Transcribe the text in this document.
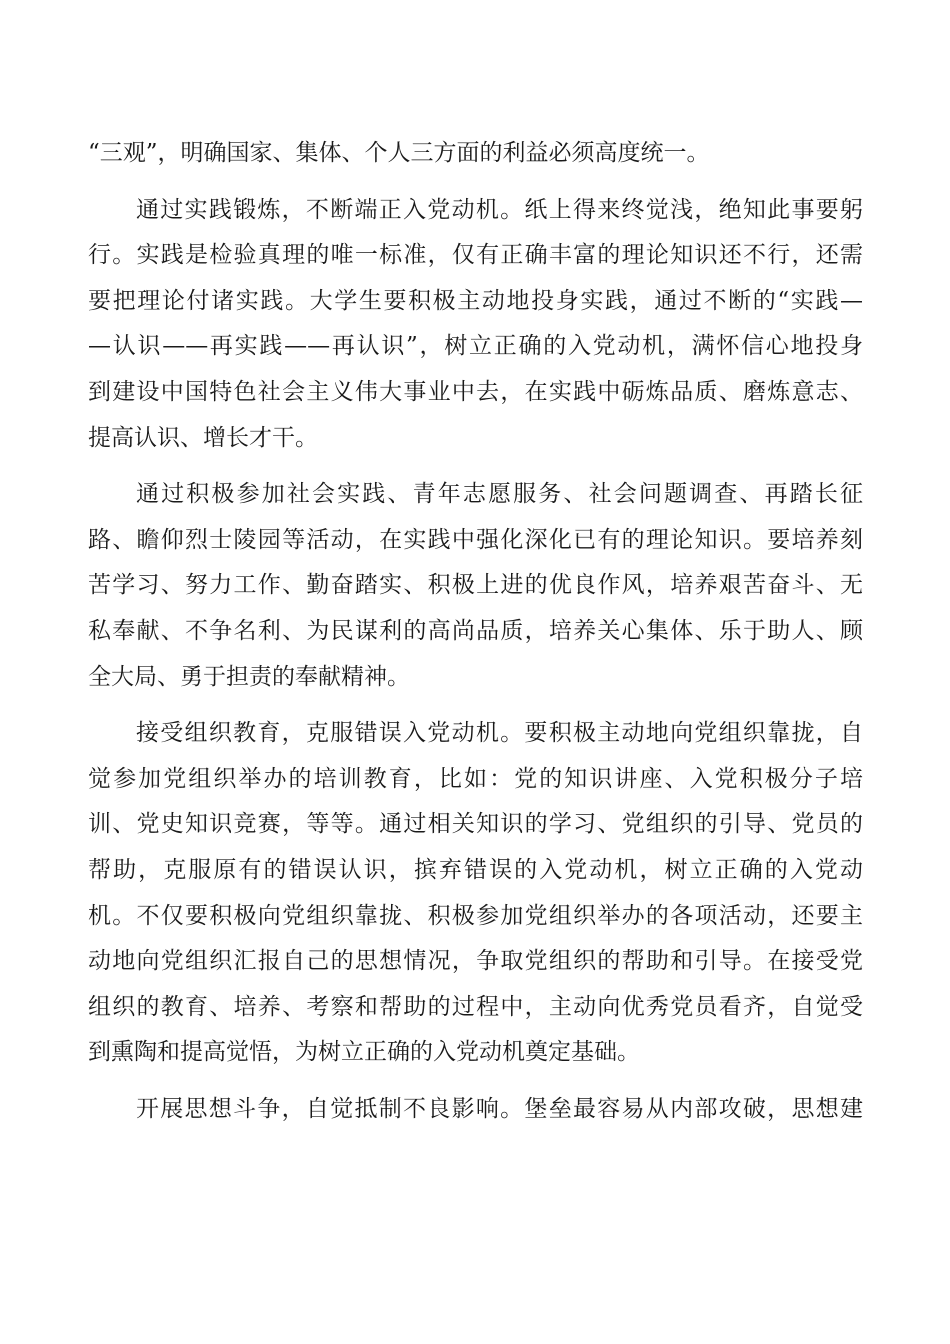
“三观”，明确国家、集体、个人三方面的利益必须高度统一。
通过实践锻炼，不断端正入党动机。纸上得来终觉浅，绝知此事要躬
行。实践是检验真理的唯一标准，仅有正确丰富的理论知识还不行，还需
要把理论付诸实践。大学生要积极主动地投身实践，通过不断的“实践—
—认识——再实践——再认识”，树立正确的入党动机，满怀信心地投身
到建设中国特色社会主义伟大事业中去，在实践中砺炼品质、磨炼意志、
提高认识、增长才干。
通过积极参加社会实践、青年志愿服务、社会问题调查、再踏长征
路、瞻仰烈士陵园等活动，在实践中强化深化已有的理论知识。要培养刻
苦学习、努力工作、勤奋踏实、积极上进的优良作风，培养艰苦奋斗、无
私奉献、不争名利、为民谋利的高尚品质，培养关心集体、乐于助人、顾
全大局、勇于担责的奉献精神。
接受组织教育，克服错误入党动机。要积极主动地向党组织靠拢，自
觉参加党组织举办的培训教育，比如：党的知识讲座、入党积极分子培
训、党史知识竞赛，等等。通过相关知识的学习、党组织的引导、党员的
帮助，克服原有的错误认识，摈弃错误的入党动机，树立正确的入党动
机。不仅要积极向党组织靠拢、积极参加党组织举办的各项活动，还要主
动地向党组织汇报自己的思想情况，争取党组织的帮助和引导。在接受党
组织的教育、培养、考察和帮助的过程中，主动向优秀党员看齐，自觉受
到熏陶和提高觉悟，为树立正确的入党动机奠定基础。
开展思想斗争，自觉抵制不良影响。堡垒最容易从内部攻破，思想建
